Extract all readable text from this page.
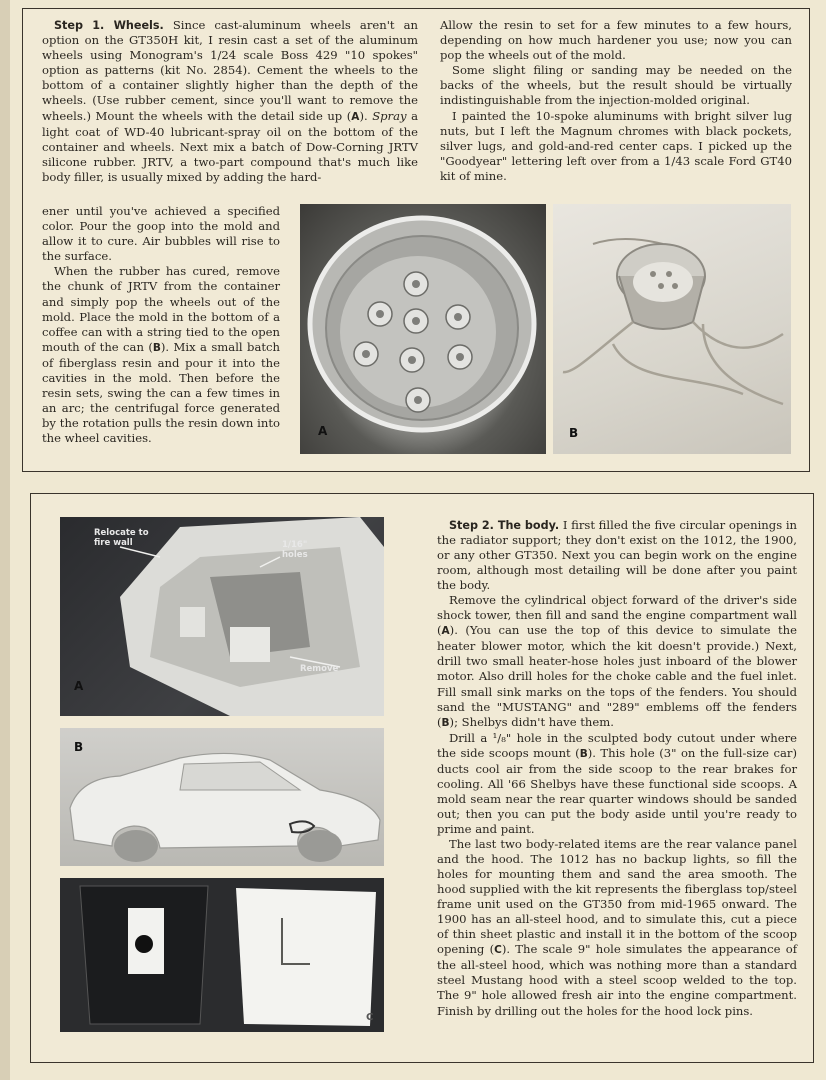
Step 1. Wheels. Since cast-aluminum wheels aren't an option on the GT350H kit, I resin cast a set of the aluminum wheels using Monogram's 1/24 scale Boss 429 "10 spokes" option as patterns (kit No. 2854). Cement the wheels to the bottom of a container slightly higher than the depth of the wheels. (Use rubber cement, since you'll want to remove the wheels.) Mount the wheels with the detail side up (A). Spray a light coat of WD-40 lubricant-spray oil on the bottom of the container and wheels. Next mix a batch of Dow-Corning JRTV silicone rubber. JRTV, a two-part compound that's much like body filler, is usually mixed by adding the hard-

ener until you've achieved a specified color. Pour the goop into the mold and allow it to cure. Air bubbles will rise to the surface.

When the rubber has cured, remove the chunk of JRTV from the container and simply pop the wheels out of the mold. Place the mold in the bottom of a coffee can with a string tied to the open mouth of the can (B). Mix a small batch of fiberglass resin and pour it into the cavities in the mold. Then before the resin sets, swing the can a few times in an arc; the centrifugal force generated by the rotation pulls the resin down into the wheel cavities.

Allow the resin to set for a few minutes to a few hours, depending on how much hardener you use; now you can pop the wheels out of the mold.

Some slight filing or sanding may be needed on the backs of the wheels, but the result should be virtually indistinguishable from the injection-molded original.

I painted the 10-spoke aluminums with bright silver lug nuts, but I left the Magnum chromes with black pockets, silver lugs, and gold-and-red center caps. I picked up the "Goodyear" lettering left over from a 1/43 scale Ford GT40 kit of mine.

A	B
Relocate to fire wall	1/16" holes
Remove
A
B
C

Step 2. The body. I first filled the five circular openings in the radiator support; they don't exist on the 1012, the 1900, or any other GT350. Next you can begin work on the engine room, although most detailing will be done after you paint the body.

Remove the cylindrical object forward of the driver's side shock tower, then fill and sand the engine compartment wall (A). (You can use the top of this device to simulate the heater blower motor, which the kit doesn't provide.) Next, drill two small heater-hose holes just inboard of the blower motor. Also drill holes for the choke cable and the fuel inlet. Fill small sink marks on the tops of the fenders. You should sand the "MUSTANG" and "289" emblems off the fenders (B); Shelbys didn't have them.

Drill a ¹/₈" hole in the sculpted body cutout under where the side scoops mount (B). This hole (3" on the full-size car) ducts cool air from the side scoop to the rear brakes for cooling. All '66 Shelbys have these functional side scoops. A mold seam near the rear quarter windows should be sanded out; then you can put the body aside until you're ready to prime and paint.

The last two body-related items are the rear valance panel and the hood. The 1012 has no backup lights, so fill the holes for mounting them and sand the area smooth. The hood supplied with the kit represents the fiberglass top/steel frame unit used on the GT350 from mid-1965 onward. The 1900 has an all-steel hood, and to simulate this, cut a piece of thin sheet plastic and install it in the bottom of the scoop opening (C). The scale 9" hole simulates the appearance of the all-steel hood, which was nothing more than a standard steel Mustang hood with a steel scoop welded to the top. The 9" hole allowed fresh air into the engine compartment. Finish by drilling out the holes for the hood lock pins.
